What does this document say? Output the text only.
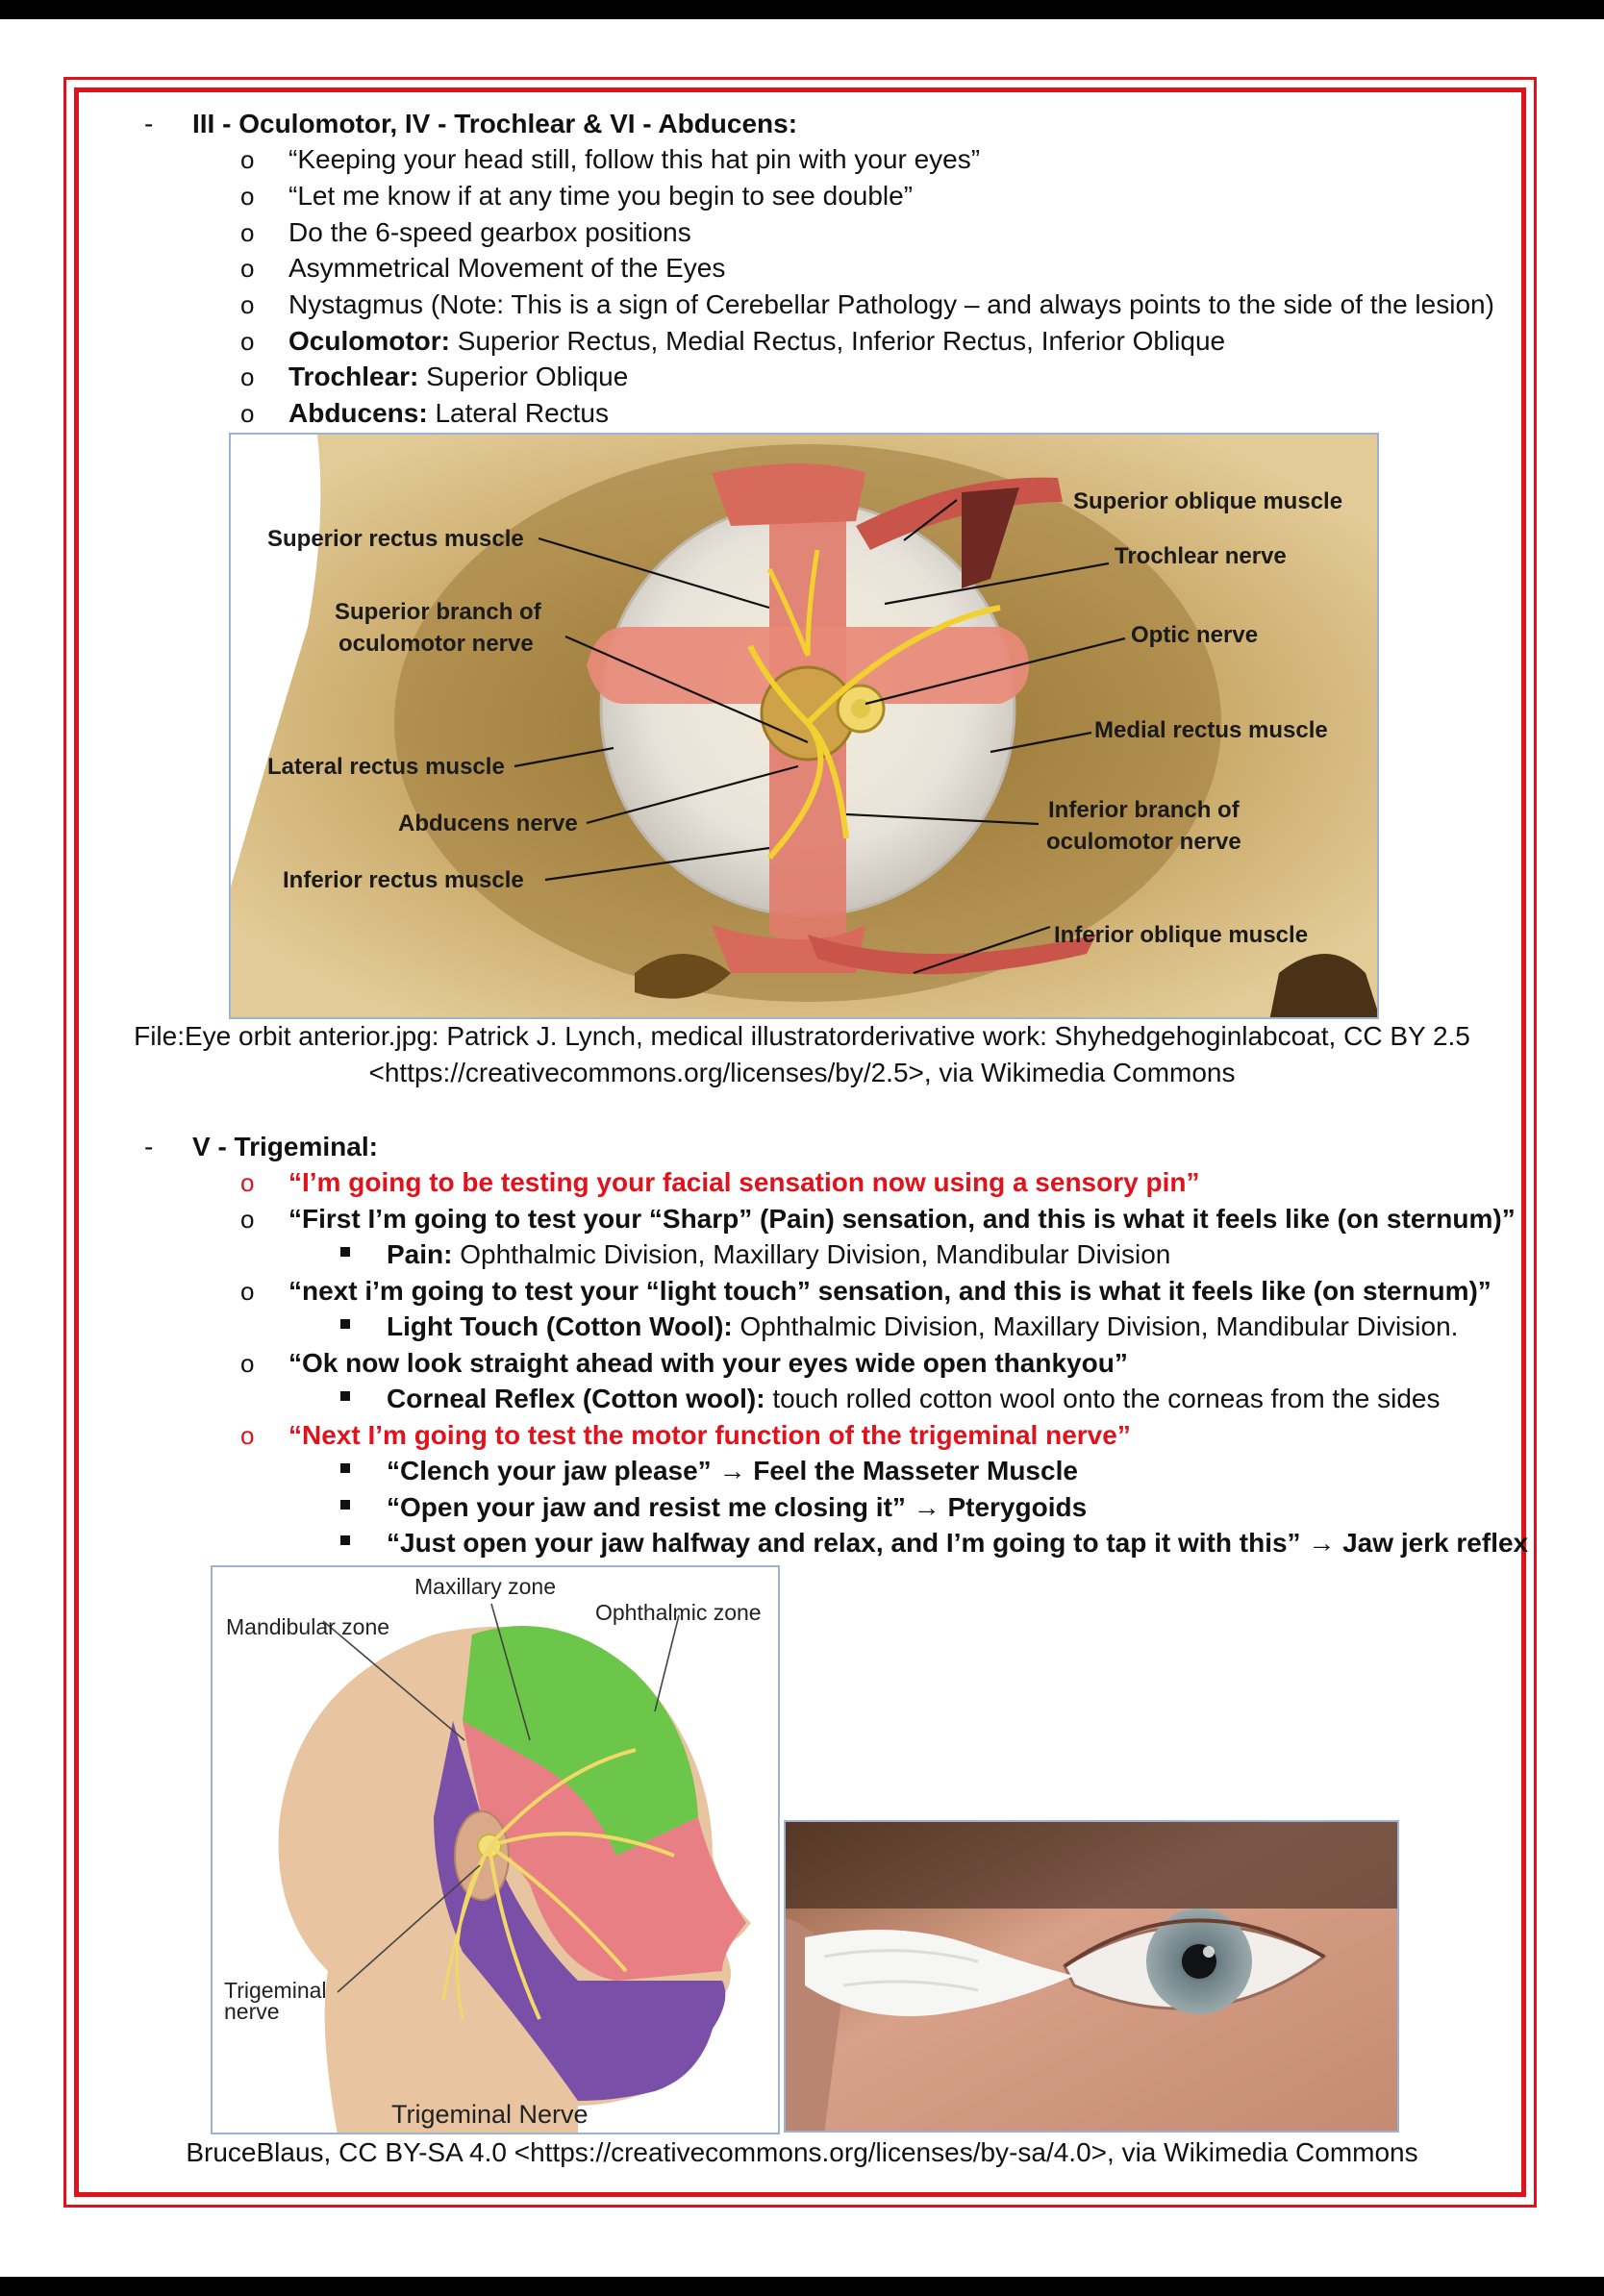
- III - Oculomotor, IV - Trochlear & VI - Abducens:
o “Keeping your head still, follow this hat pin with your eyes”
o “Let me know if at any time you begin to see double”
o Do the 6-speed gearbox positions
o Asymmetrical Movement of the Eyes
o Nystagmus (Note: This is a sign of Cerebellar Pathology – and always points to the side of the lesion)
o Oculomotor: Superior Rectus, Medial Rectus, Inferior Rectus, Inferior Oblique
o Trochlear: Superior Oblique
o Abducens: Lateral Rectus
Superior rectus muscle
Superior branch of
oculomotor nerve
Lateral rectus muscle
Abducens nerve
Inferior rectus muscle
Superior oblique muscle
Trochlear nerve
Optic nerve
Medial rectus muscle
Inferior branch of
oculomotor nerve
Inferior oblique muscle
File:Eye orbit anterior.jpg: Patrick J. Lynch, medical illustratorderivative work: Shyhedgehoginlabcoat, CC BY 2.5
<https://creativecommons.org/licenses/by/2.5>, via Wikimedia Commons
- V - Trigeminal:
o “I’m going to be testing your facial sensation now using a sensory pin”
o “First I’m going to test your “Sharp” (Pain) sensation, and this is what it feels like (on sternum)”
Pain: Ophthalmic Division, Maxillary Division, Mandibular Division
o “next i’m going to test your “light touch” sensation, and this is what it feels like (on sternum)”
Light Touch (Cotton Wool): Ophthalmic Division, Maxillary Division, Mandibular Division.
o “Ok now look straight ahead with your eyes wide open thankyou”
Corneal Reflex (Cotton wool): touch rolled cotton wool onto the corneas from the sides
o “Next I’m going to test the motor function of the trigeminal nerve”
“Clench your jaw please” → Feel the Masseter Muscle
“Open your jaw and resist me closing it” → Pterygoids
“Just open your jaw halfway and relax, and I’m going to tap it with this” → Jaw jerk reflex
Maxillary zone
Ophthalmic zone
Mandibular zone
Trigeminal
nerve
Trigeminal Nerve
BruceBlaus, CC BY-SA 4.0 <https://creativecommons.org/licenses/by-sa/4.0>, via Wikimedia Commons
